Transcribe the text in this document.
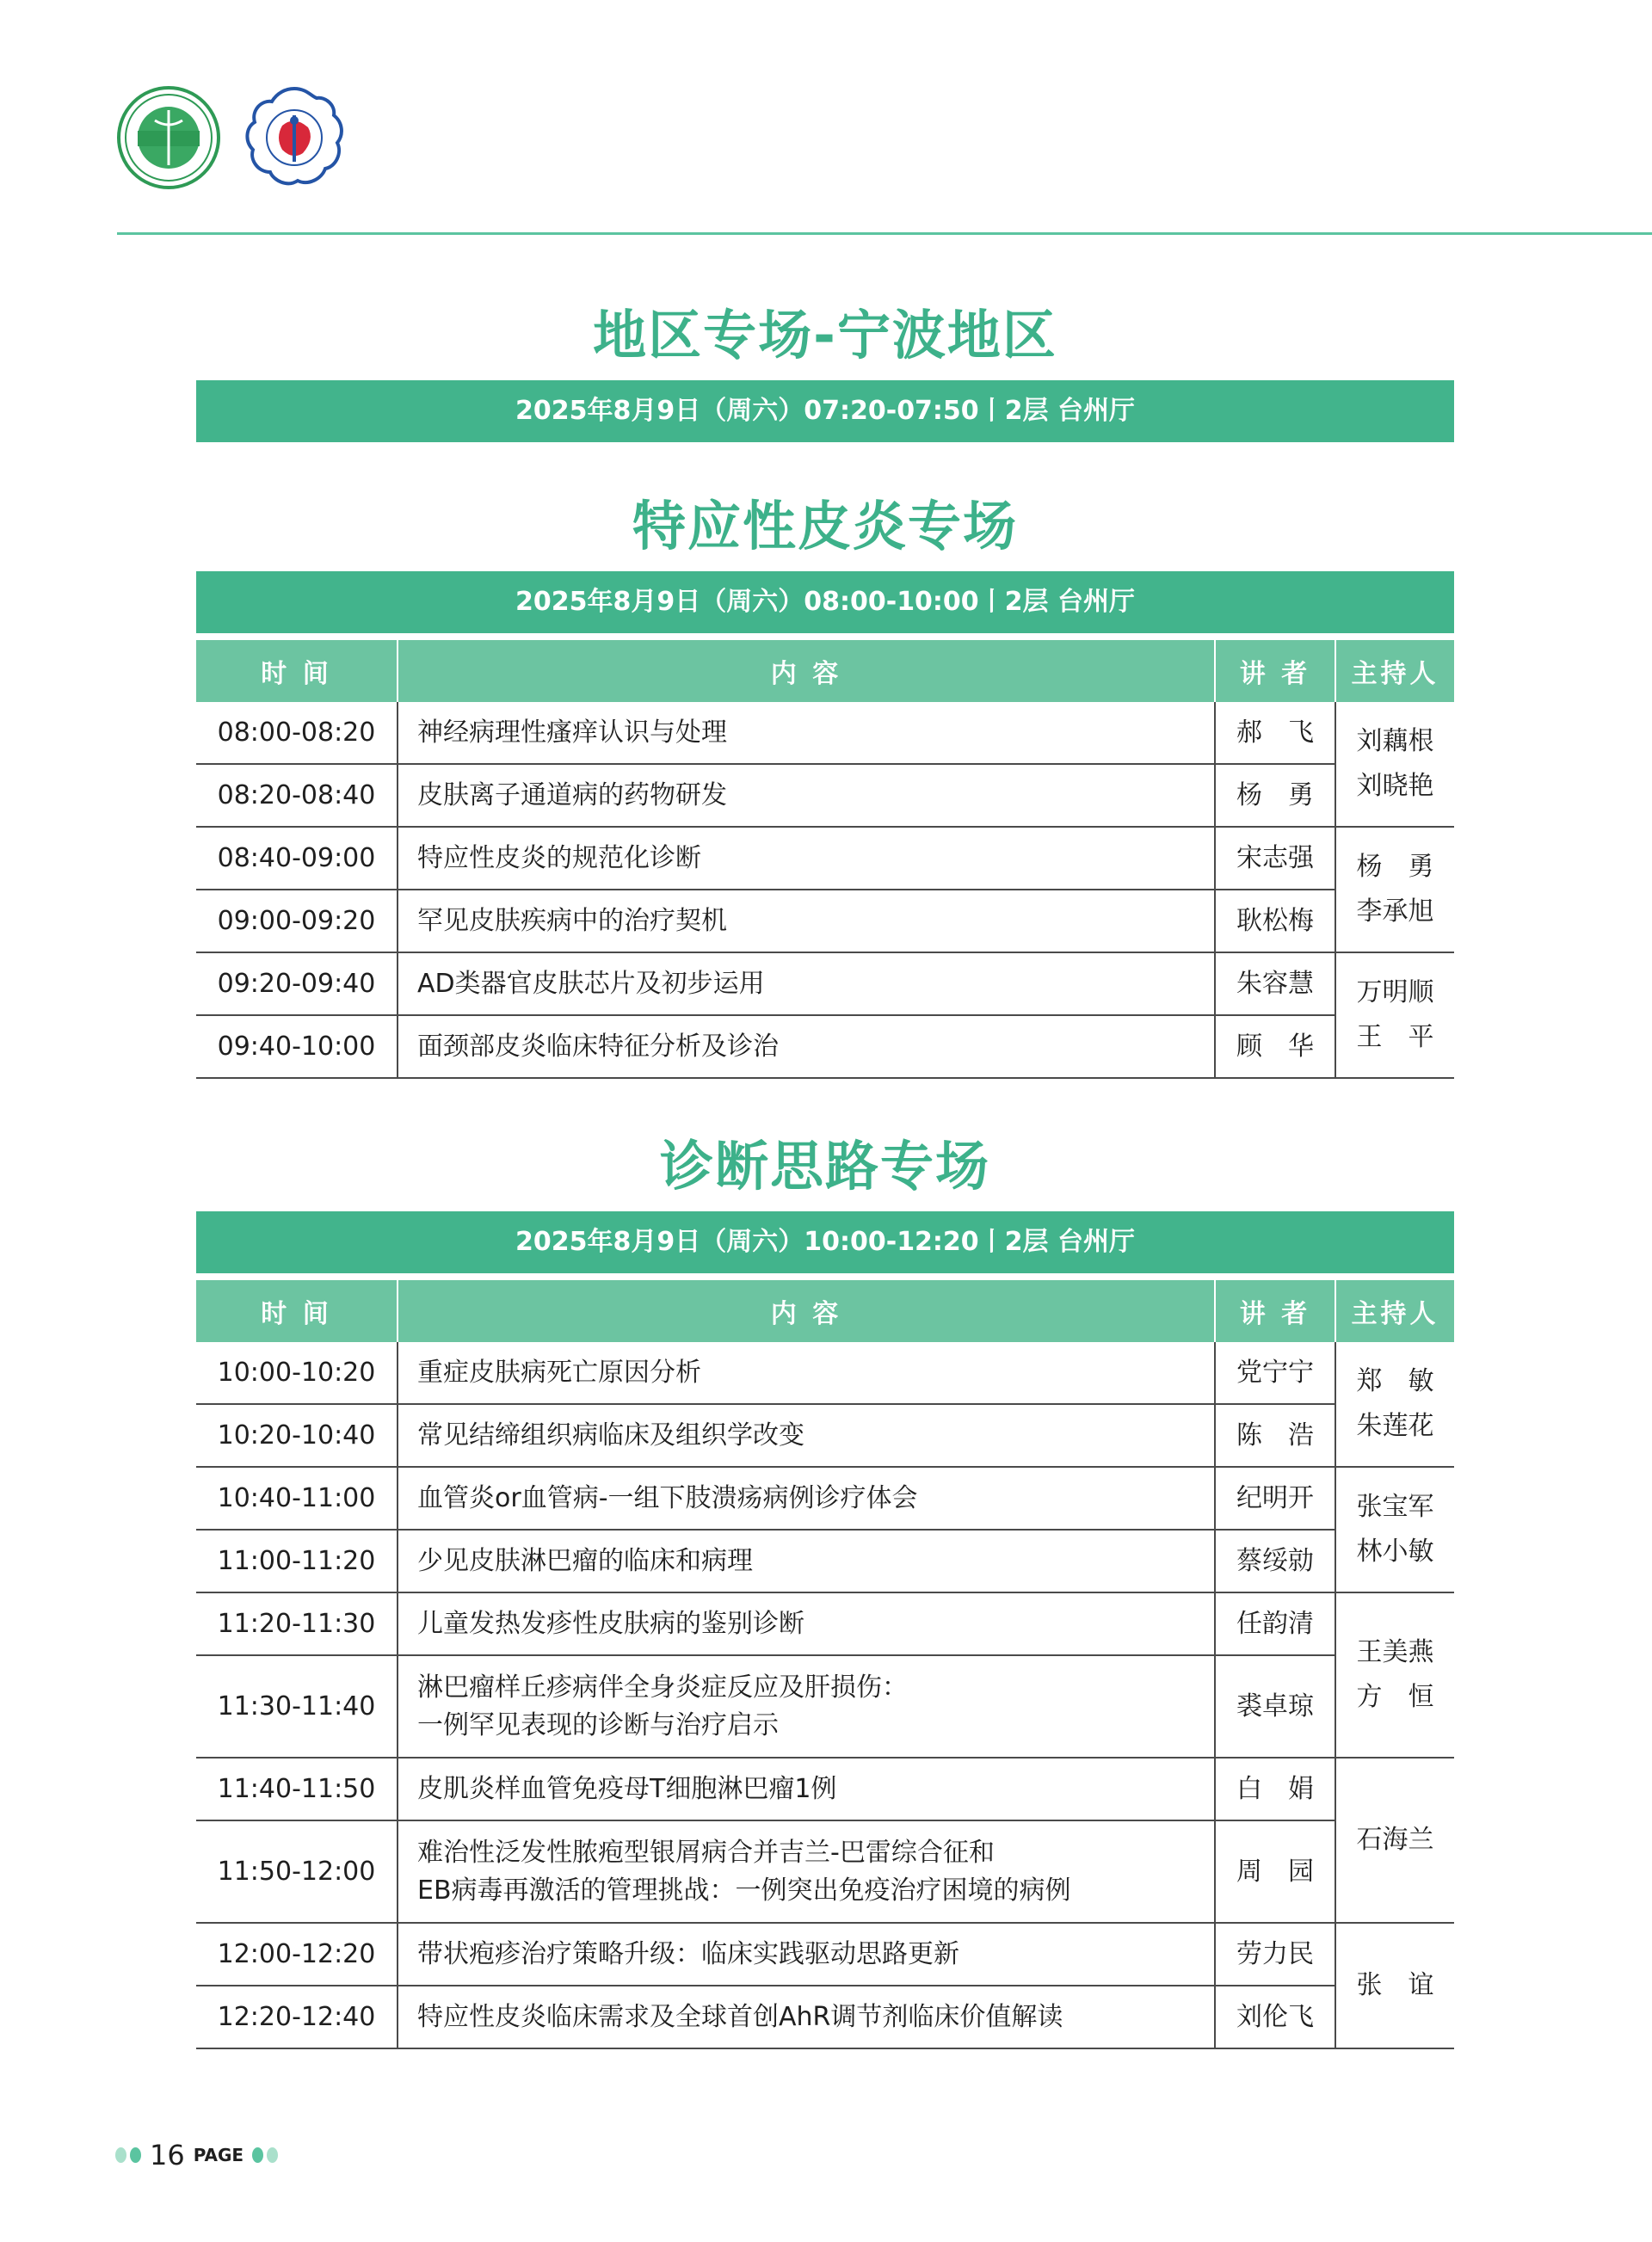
地区专场-宁波地区
2025年8月9日（周六）07:20-07:50丨2层 台州厅
特应性皮炎专场
2025年8月9日（周六）08:00-10:00丨2层 台州厅
时 间	内 容	讲 者	主持人
08:00-08:20	神经病理性瘙痒认识与处理	郝　飞	刘藕根
刘晓艳

08:20-08:40	皮肤离子通道病的药物研发	杨　勇	
08:40-09:00	特应性皮炎的规范化诊断	宋志强	杨　勇
李承旭

09:00-09:20	罕见皮肤疾病中的治疗契机	耿松梅	
09:20-09:40	AD类器官皮肤芯片及初步运用	朱容慧	万明顺
王　平

09:40-10:00	面颈部皮炎临床特征分析及诊治	顾　华	
诊断思路专场
2025年8月9日（周六）10:00-12:20丨2层 台州厅
时 间	内 容	讲 者	主持人
10:00-10:20	重症皮肤病死亡原因分析	党宁宁	郑　敏
朱莲花

10:20-10:40	常见结缔组织病临床及组织学改变	陈　浩	
10:40-11:00	血管炎or血管病-一组下肢溃疡病例诊疗体会	纪明开	张宝军
林小敏

11:00-11:20	少见皮肤淋巴瘤的临床和病理	蔡绥勍	
11:20-11:30	儿童发热发疹性皮肤病的鉴别诊断	任韵清	王美燕
方　恒

11:30-11:40	淋巴瘤样丘疹病伴全身炎症反应及肝损伤：
一例罕见表现的诊断与治疗启示	裘卓琼	
11:40-11:50	皮肌炎样血管免疫母T细胞淋巴瘤1例	白　娟	石海兰

11:50-12:00	难治性泛发性脓疱型银屑病合并吉兰-巴雷综合征和
EB病毒再激活的管理挑战：一例突出免疫治疗困境的病例	周　园	
12:00-12:20	带状疱疹治疗策略升级：临床实践驱动思路更新	劳力民	张　谊

12:20-12:40	特应性皮炎临床需求及全球首创AhR调节剂临床价值解读	刘伦飞	
16 PAGE
